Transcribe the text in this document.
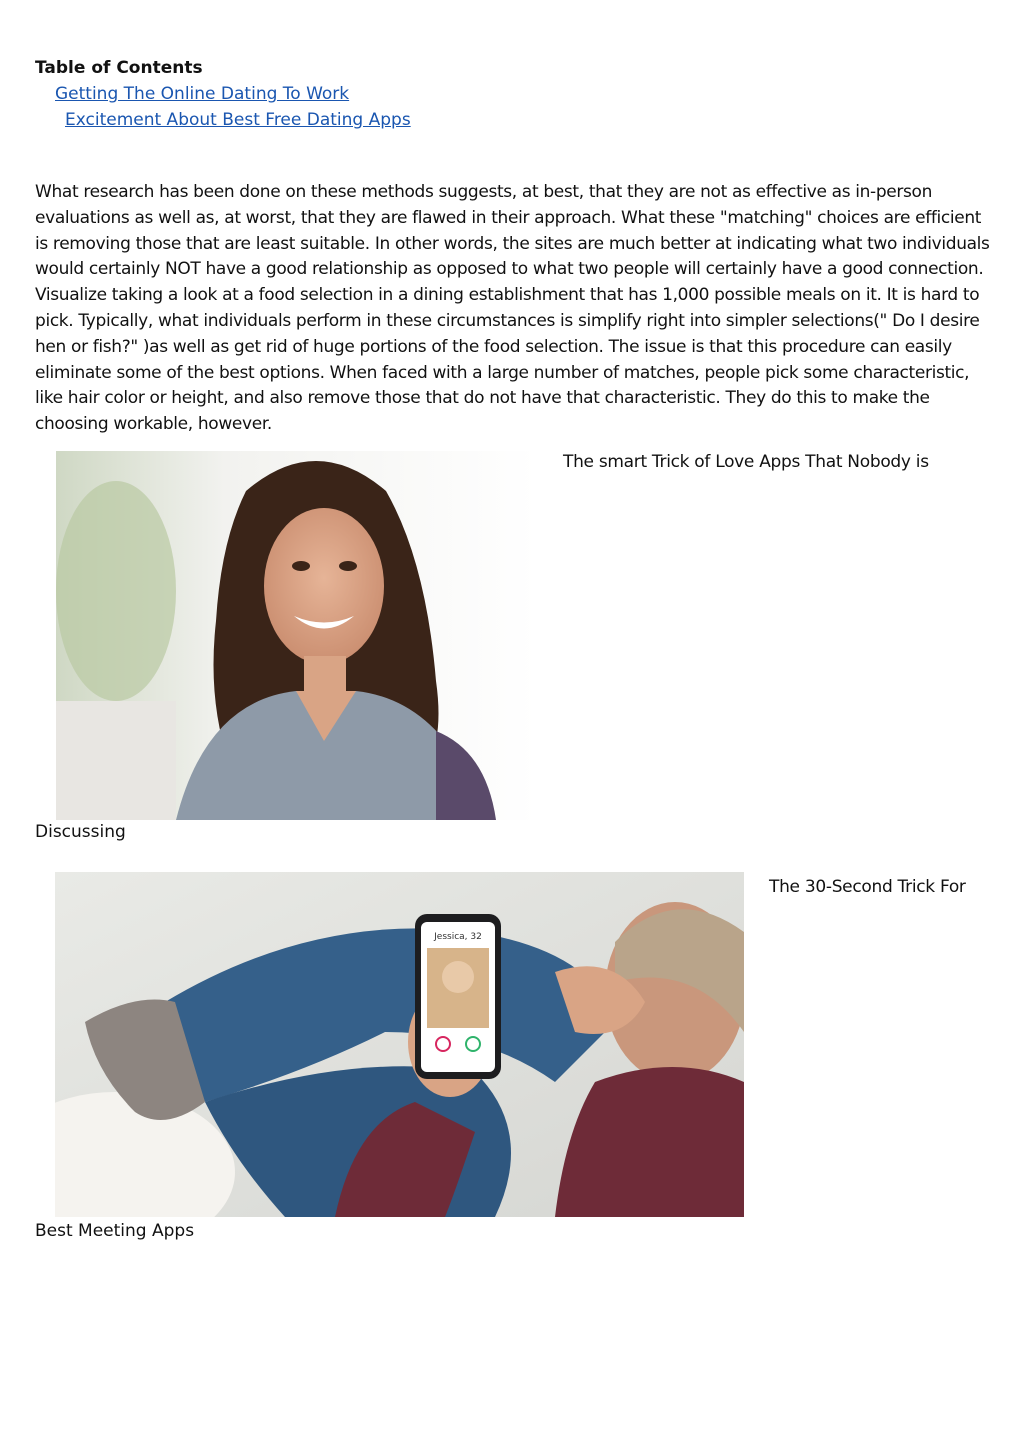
Table of Contents
Getting The Online Dating To Work
Excitement About Best Free Dating Apps

What research has been done on these methods suggests, at best, that they are not as effective as in-person evaluations as well as, at worst, that they are flawed in their approach. What these "matching" choices are efficient is removing those that are least suitable. In other words, the sites are much better at indicating what two individuals would certainly NOT have a good relationship as opposed to what two people will certainly have a good connection. Visualize taking a look at a food selection in a dining establishment that has 1,000 possible meals on it. It is hard to pick. Typically, what individuals perform in these circumstances is simplify right into simpler selections(" Do I desire hen or fish?" )as well as get rid of huge portions of the food selection. The issue is that this procedure can easily eliminate some of the best options. When faced with a large number of matches, people pick some characteristic, like hair color or height, and also remove those that do not have that characteristic. They do this to make the choosing workable, however.

The smart Trick of Love Apps That Nobody is
Discussing
Jessica, 32
The 30-Second Trick For
Best Meeting Apps
